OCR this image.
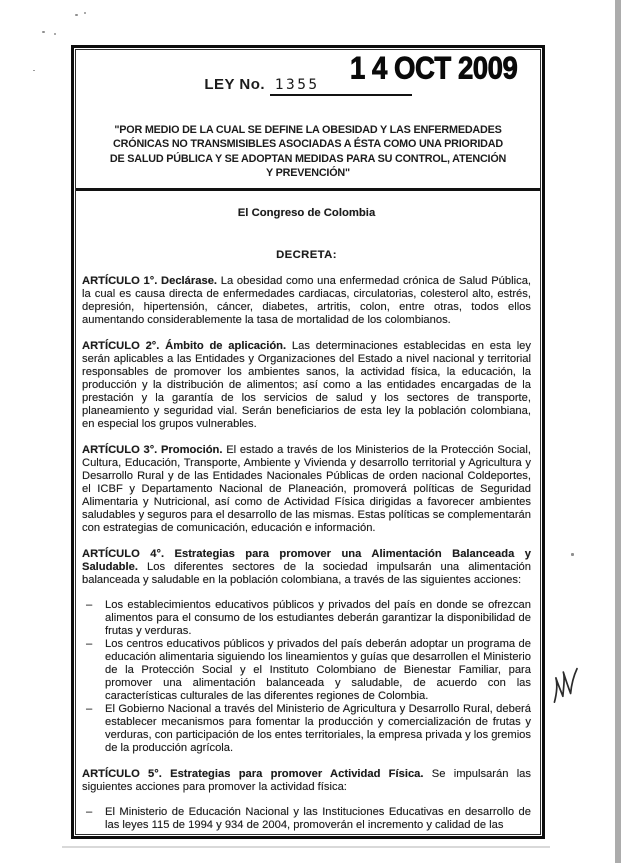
LEY No. 1355	1 4 OCT 2009
"POR MEDIO DE LA CUAL SE DEFINE LA OBESIDAD Y LAS ENFERMEDADES
CRÓNICAS NO TRANSMISIBLES ASOCIADAS A ÉSTA COMO UNA PRIORIDAD
DE SALUD PÚBLICA Y SE ADOPTAN MEDIDAS PARA SU CONTROL, ATENCIÓN
Y PREVENCIÓN"

El Congreso de Colombia

DECRETA:

ARTÍCULO 1°. Declárase. La obesidad como una enfermedad crónica de Salud Pública, la cual es causa directa de enfermedades cardiacas, circulatorias, colesterol alto, estrés, depresión, hipertensión, cáncer, diabetes, artritis, colon, entre otras, todos ellos aumentando considerablemente la tasa de mortalidad de los colombianos.

ARTÍCULO 2°. Ámbito de aplicación. Las determinaciones establecidas en esta ley serán aplicables a las Entidades y Organizaciones del Estado a nivel nacional y territorial responsables de promover los ambientes sanos, la actividad física, la educación, la producción y la distribución de alimentos; así como a las entidades encargadas de la prestación y la garantía de los servicios de salud y los sectores de transporte, planeamiento y seguridad vial. Serán beneficiarios de esta ley la población colombiana, en especial los grupos vulnerables.

ARTÍCULO 3°. Promoción. El estado a través de los Ministerios de la Protección Social, Cultura, Educación, Transporte, Ambiente y Vivienda y desarrollo territorial y Agricultura y Desarrollo Rural y de las Entidades Nacionales Públicas de orden nacional Coldeportes, el ICBF y Departamento Nacional de Planeación, promoverá políticas de Seguridad Alimentaria y Nutricional, así como de Actividad Física dirigidas a favorecer ambientes saludables y seguros para el desarrollo de las mismas. Estas políticas se complementarán con estrategias de comunicación, educación e información.

ARTÍCULO 4°. Estrategias para promover una Alimentación Balanceada y Saludable. Los diferentes sectores de la sociedad impulsarán una alimentación balanceada y saludable en la población colombiana, a través de las siguientes acciones:

– Los establecimientos educativos públicos y privados del país en donde se ofrezcan alimentos para el consumo de los estudiantes deberán garantizar la disponibilidad de frutas y verduras.
– Los centros educativos públicos y privados del país deberán adoptar un programa de educación alimentaria siguiendo los lineamientos y guías que desarrollen el Ministerio de la Protección Social y el Instituto Colombiano de Bienestar Familiar, para promover una alimentación balanceada y saludable, de acuerdo con las características culturales de las diferentes regiones de Colombia.
– El Gobierno Nacional a través del Ministerio de Agricultura y Desarrollo Rural, deberá establecer mecanismos para fomentar la producción y comercialización de frutas y verduras, con participación de los entes territoriales, la empresa privada y los gremios de la producción agrícola.

ARTÍCULO 5°. Estrategias para promover Actividad Física. Se impulsarán las siguientes acciones para promover la actividad física:

– El Ministerio de Educación Nacional y las Instituciones Educativas en desarrollo de las leyes 115 de 1994 y 934 de 2004, promoverán el incremento y calidad de las
